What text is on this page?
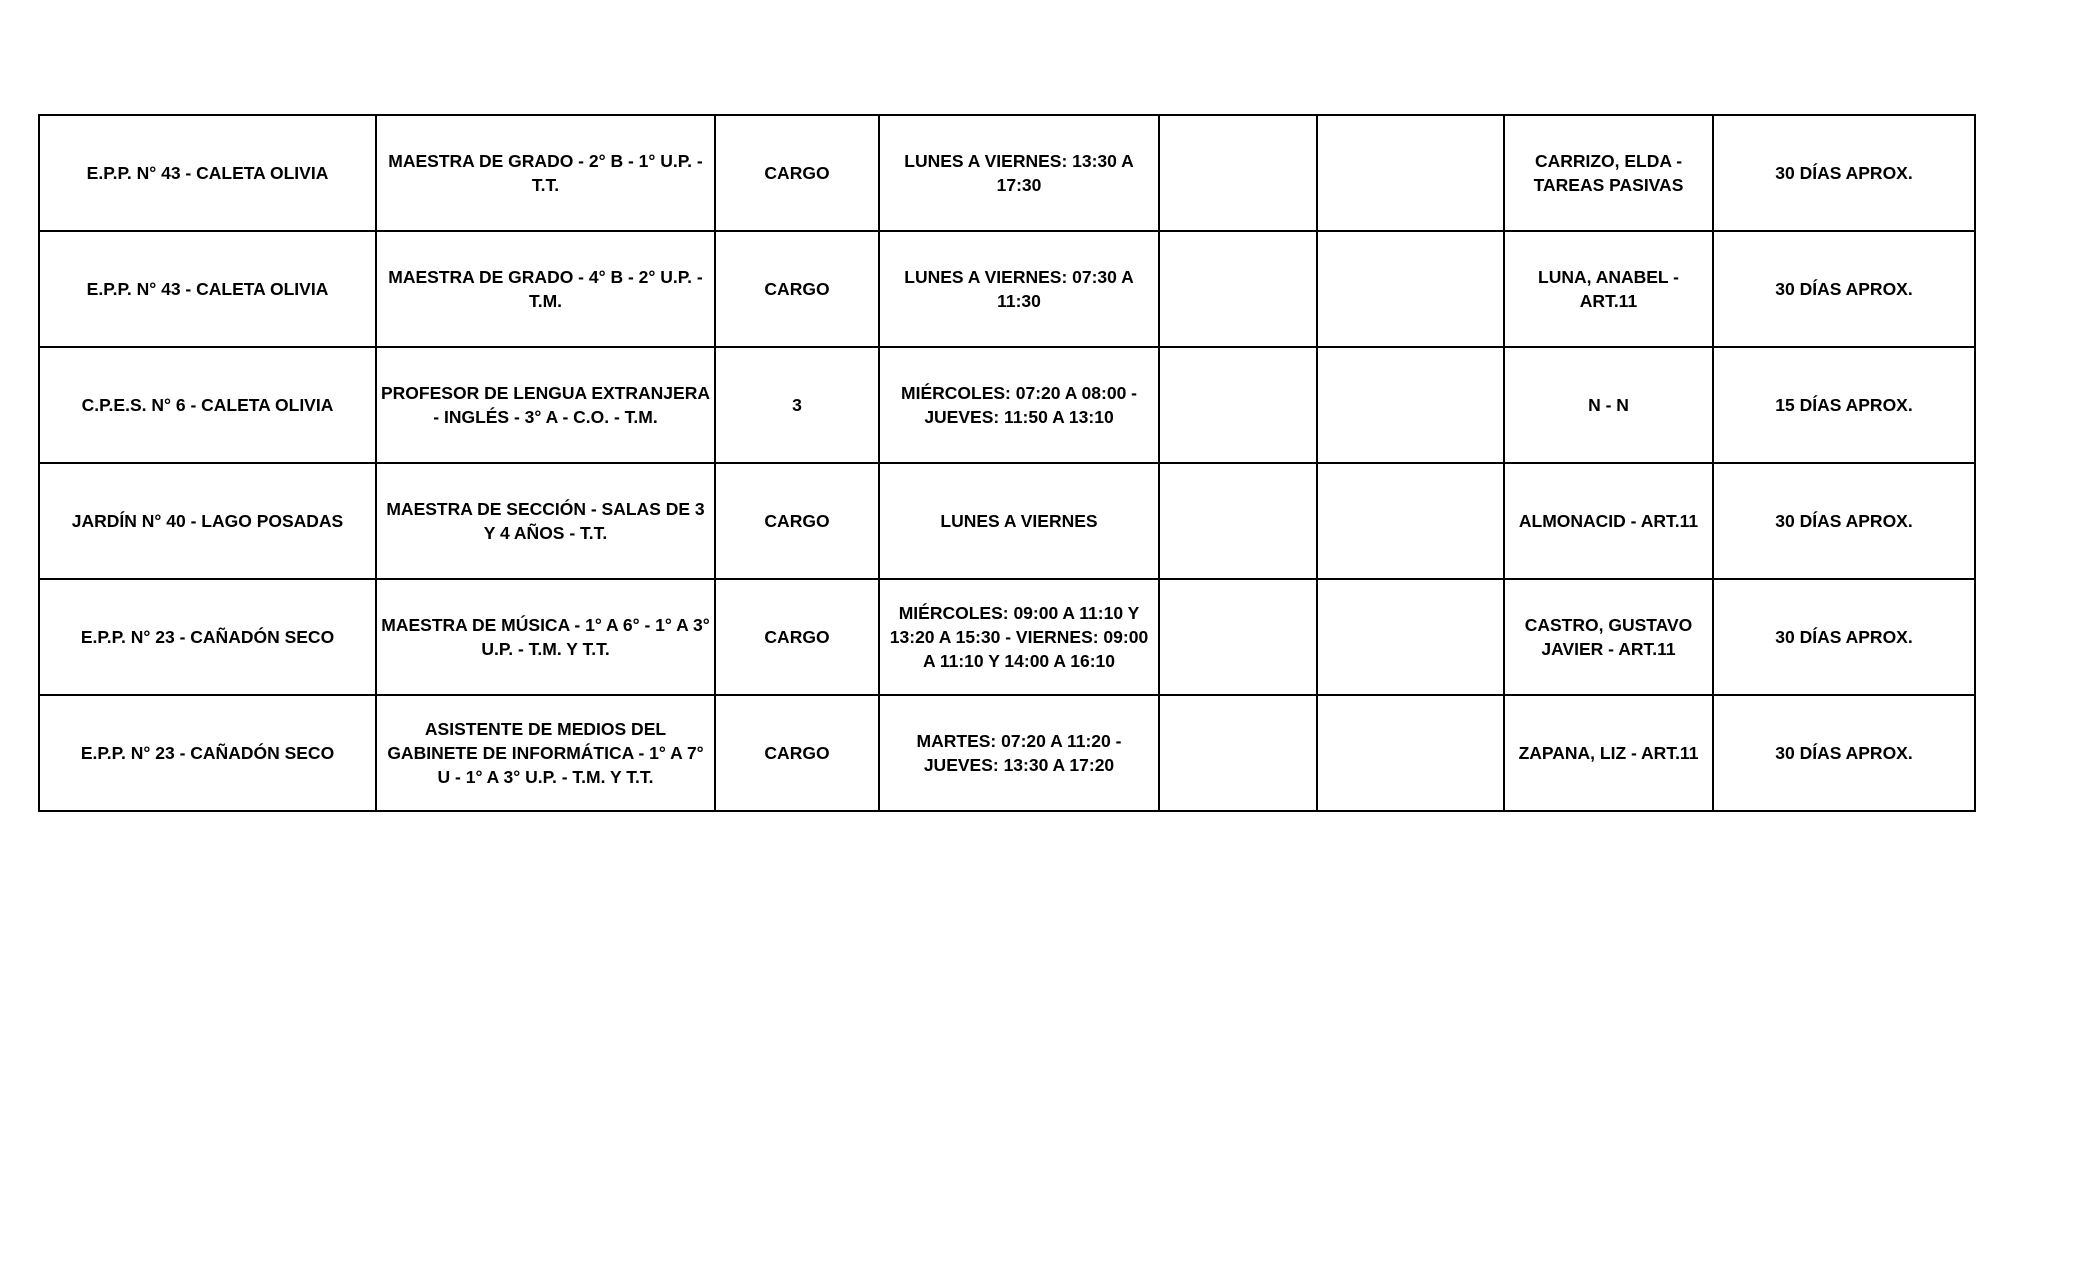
E.P.P. N° 43 - CALETA OLIVIA	MAESTRA DE GRADO - 2° B - 1° U.P. - T.T.	CARGO	LUNES A VIERNES: 13:30 A 17:30			CARRIZO, ELDA - TAREAS PASIVAS	30 DÍAS APROX.
E.P.P. N° 43 - CALETA OLIVIA	MAESTRA DE GRADO - 4° B - 2° U.P. - T.M.	CARGO	LUNES A VIERNES: 07:30 A 11:30			LUNA, ANABEL - ART.11	30 DÍAS APROX.
C.P.E.S. N° 6 - CALETA OLIVIA	PROFESOR DE LENGUA EXTRANJERA - INGLÉS - 3° A - C.O. - T.M.	3	MIÉRCOLES: 07:20 A 08:00 - JUEVES: 11:50 A 13:10			N - N	15 DÍAS APROX.
JARDÍN N° 40 - LAGO POSADAS	MAESTRA DE SECCIÓN - SALAS DE 3 Y 4 AÑOS - T.T.	CARGO	LUNES A VIERNES			ALMONACID - ART.11	30 DÍAS APROX.
E.P.P. N° 23 - CAÑADÓN SECO	MAESTRA DE MÚSICA - 1° A 6° - 1° A 3° U.P. - T.M. Y T.T.	CARGO	MIÉRCOLES: 09:00 A 11:10 Y 13:20 A 15:30 - VIERNES: 09:00 A 11:10 Y 14:00 A 16:10			CASTRO, GUSTAVO JAVIER - ART.11	30 DÍAS APROX.
E.P.P. N° 23 - CAÑADÓN SECO	ASISTENTE DE MEDIOS DEL GABINETE DE INFORMÁTICA - 1° A 7° U - 1° A 3° U.P. - T.M. Y T.T.	CARGO	MARTES: 07:20 A 11:20 - JUEVES: 13:30 A 17:20			ZAPANA, LIZ - ART.11	30 DÍAS APROX.
